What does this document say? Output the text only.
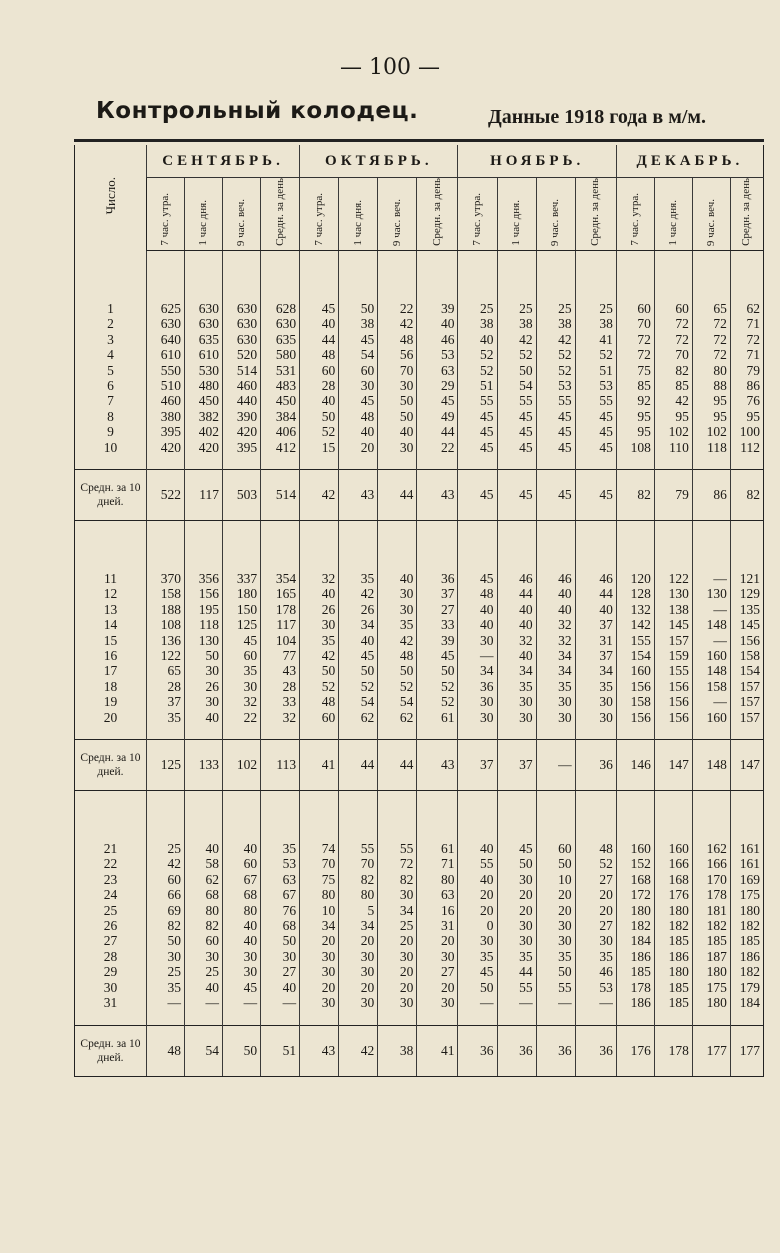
— 100 —
Контрольный колодец.	Данные 1918 года в м/м.
Число.	СЕНТЯБРЬ.				ОКТЯБРЬ.				НОЯБРЬ.				ДЕКАБРЬ.			
	7 час. утра.	1 час дня.	9 час. веч.	Средн. за день	7 час. утра.	1 час дня.	9 час. веч.	Средн. за день	7 час. утра.	1 час дня.	9 час. веч.	Средн. за день	7 час. утра.	1 час дня.	9 час. веч.	Средн. за день

1	625	630	630	628	45	50	22	39	25	25	25	25	60	60	65	62
2	630	630	630	630	40	38	42	40	38	38	38	38	70	72	72	71
3	640	635	630	635	44	45	48	46	40	42	42	41	72	72	72	72
4	610	610	520	580	48	54	56	53	52	52	52	52	72	70	72	71
5	550	530	514	531	60	60	70	63	52	50	52	51	75	82	80	79
6	510	480	460	483	28	30	30	29	51	54	53	53	85	85	88	86
7	460	450	440	450	40	45	50	45	55	55	55	55	92	42	95	76
8	380	382	390	384	50	48	50	49	45	45	45	45	95	95	95	95
9	395	402	420	406	52	40	40	44	45	45	45	45	95	102	102	100
10	420	420	395	412	15	20	30	22	45	45	45	45	108	110	118	112
Средн. за 10 дней.	522	117	503	514	42	43	44	43	45	45	45	45	82	79	86	82

11	370	356	337	354	32	35	40	36	45	46	46	46	120	122	—	121
12	158	156	180	165	40	42	30	37	48	44	40	44	128	130	130	129
13	188	195	150	178	26	26	30	27	40	40	40	40	132	138	—	135
14	108	118	125	117	30	34	35	33	40	40	32	37	142	145	148	145
15	136	130	45	104	35	40	42	39	30	32	32	31	155	157	—	156
16	122	50	60	77	42	45	48	45	—	40	34	37	154	159	160	158
17	65	30	35	43	50	50	50	50	34	34	34	34	160	155	148	154
18	28	26	30	28	52	52	52	52	36	35	35	35	156	156	158	157
19	37	30	32	33	48	54	54	52	30	30	30	30	158	156	—	157
20	35	40	22	32	60	62	62	61	30	30	30	30	156	156	160	157
Средн. за 10 дней.	125	133	102	113	41	44	44	43	37	37	—	36	146	147	148	147

21	25	40	40	35	74	55	55	61	40	45	60	48	160	160	162	161
22	42	58	60	53	70	70	72	71	55	50	50	52	152	166	166	161
23	60	62	67	63	75	82	82	80	40	30	10	27	168	168	170	169
24	66	68	68	67	80	80	30	63	20	20	20	20	172	176	178	175
25	69	80	80	76	10	5	34	16	20	20	20	20	180	180	181	180
26	82	82	40	68	34	34	25	31	0	30	30	27	182	182	182	182
27	50	60	40	50	20	20	20	20	30	30	30	30	184	185	185	185
28	30	30	30	30	30	30	30	30	35	35	35	35	186	186	187	186
29	25	25	30	27	30	30	20	27	45	44	50	46	185	180	180	182
30	35	40	45	40	20	20	20	20	50	55	55	53	178	185	175	179
31	—	—	—	—	30	30	30	30	—	—	—	—	186	185	180	184
Средн. за 10 дней.	48	54	50	51	43	42	38	41	36	36	36	36	176	178	177	177
